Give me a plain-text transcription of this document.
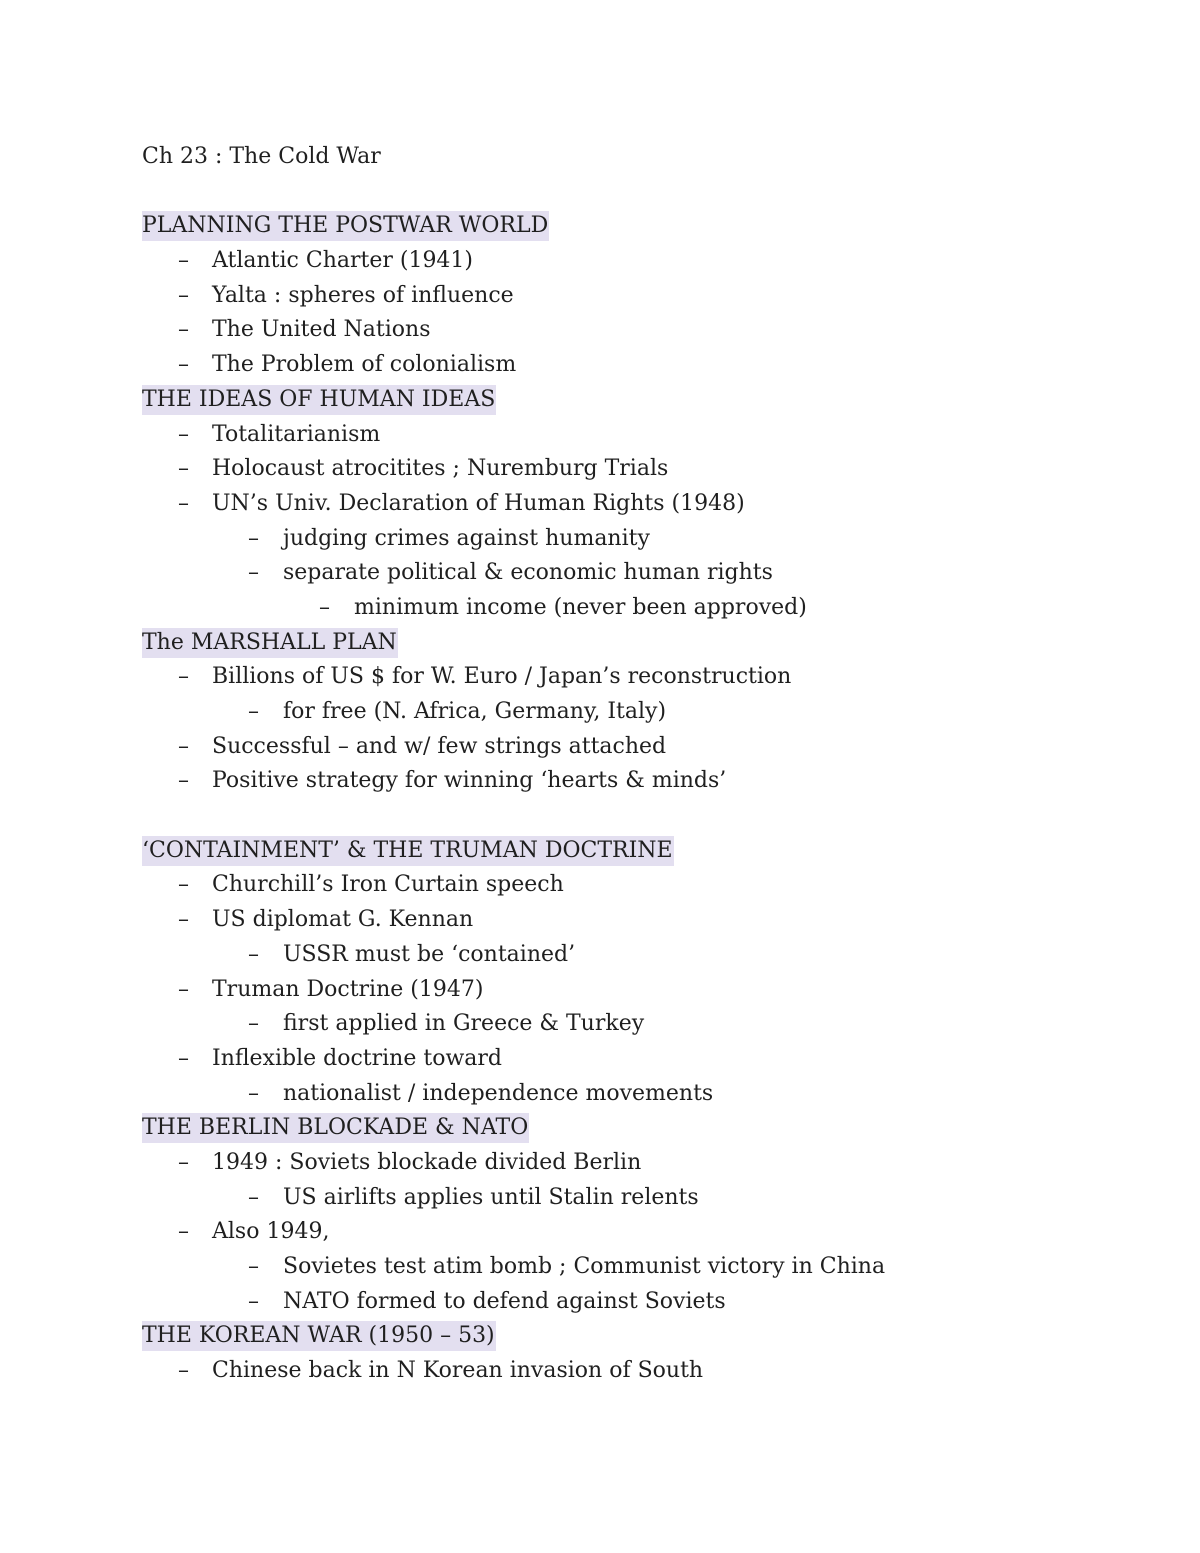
Ch 23 : The Cold War
PLANNING THE POSTWAR WORLD
–	Atlantic Charter (1941)
–	Yalta : spheres of influence
–	The United Nations
–	The Problem of colonialism
THE IDEAS OF HUMAN IDEAS
–	Totalitarianism
–	Holocaust atrocitites ; Nuremburg Trials
–	UN’s Univ. Declaration of Human Rights (1948)
–	judging crimes against humanity
–	separate political & economic human rights
–	minimum income (never been approved)
The MARSHALL PLAN
–	Billions of US $ for W. Euro / Japan’s reconstruction
–	for free (N. Africa, Germany, Italy)
–	Successful – and w/ few strings attached
–	Positive strategy for winning ‘hearts & minds’
‘CONTAINMENT’ & THE TRUMAN DOCTRINE
–	Churchill’s Iron Curtain speech
–	US diplomat G. Kennan
–	USSR must be ‘contained’
–	Truman Doctrine (1947)
–	first applied in Greece & Turkey
–	Inflexible doctrine toward
–	nationalist / independence movements
THE BERLIN BLOCKADE & NATO
–	1949 : Soviets blockade divided Berlin
–	US airlifts applies until Stalin relents
–	Also 1949,
–	Sovietes test atim bomb ; Communist victory in China
–	NATO formed to defend against Soviets
THE KOREAN WAR (1950 – 53)
–	Chinese back in N Korean invasion of South
